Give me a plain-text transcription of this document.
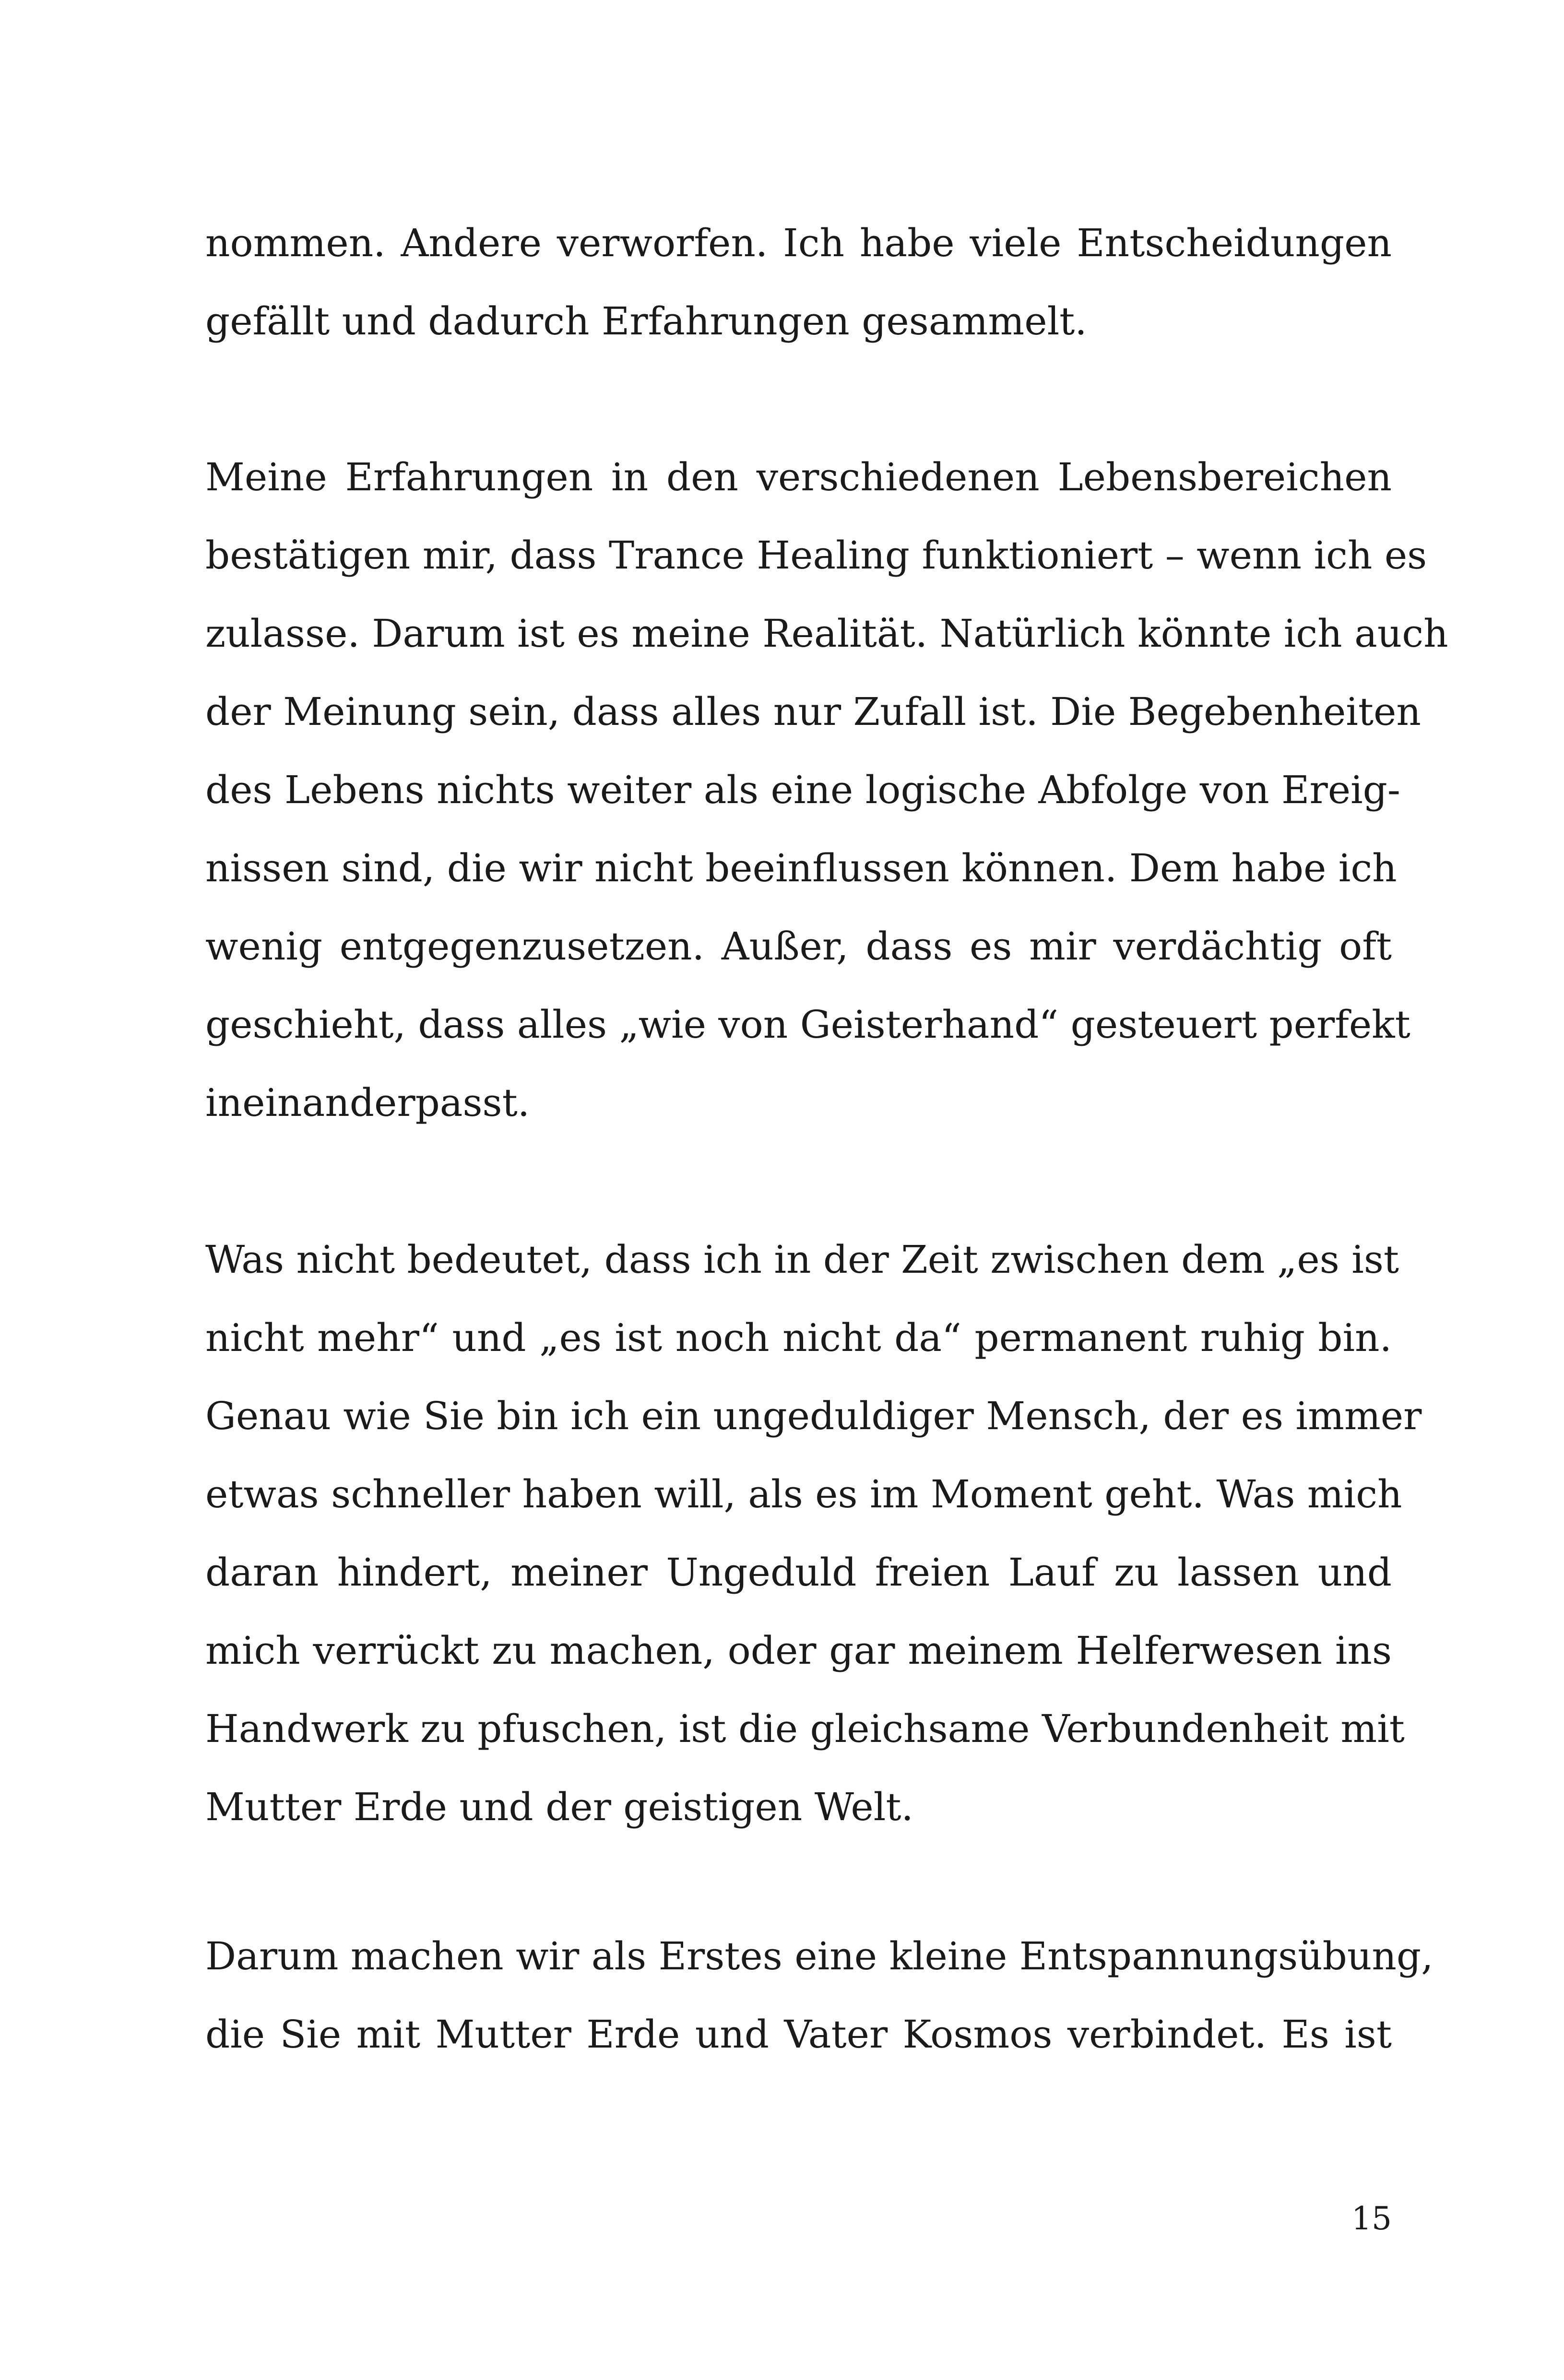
nommen. Andere verworfen. Ich habe viele Entscheidungen
gefällt und dadurch Erfahrungen gesammelt.
Meine Erfahrungen in den verschiedenen Lebensbereichen
bestätigen mir, dass Trance Healing funktioniert – wenn ich es
zulasse. Darum ist es meine Realität. Natürlich könnte ich auch
der Meinung sein, dass alles nur Zufall ist. Die Begebenheiten
des Lebens nichts weiter als eine logische Abfolge von Ereig-
nissen sind, die wir nicht beeinflussen können. Dem habe ich
wenig entgegenzusetzen. Außer, dass es mir verdächtig oft
geschieht, dass alles „wie von Geisterhand“ gesteuert perfekt
ineinanderpasst.
Was nicht bedeutet, dass ich in der Zeit zwischen dem „es ist
nicht mehr“ und „es ist noch nicht da“ permanent ruhig bin.
Genau wie Sie bin ich ein ungeduldiger Mensch, der es immer
etwas schneller haben will, als es im Moment geht. Was mich
daran hindert, meiner Ungeduld freien Lauf zu lassen und
mich verrückt zu machen, oder gar meinem Helferwesen ins
Handwerk zu pfuschen, ist die gleichsame Verbundenheit mit
Mutter Erde und der geistigen Welt.
Darum machen wir als Erstes eine kleine Entspannungsübung,
die Sie mit Mutter Erde und Vater Kosmos verbindet. Es ist
15
